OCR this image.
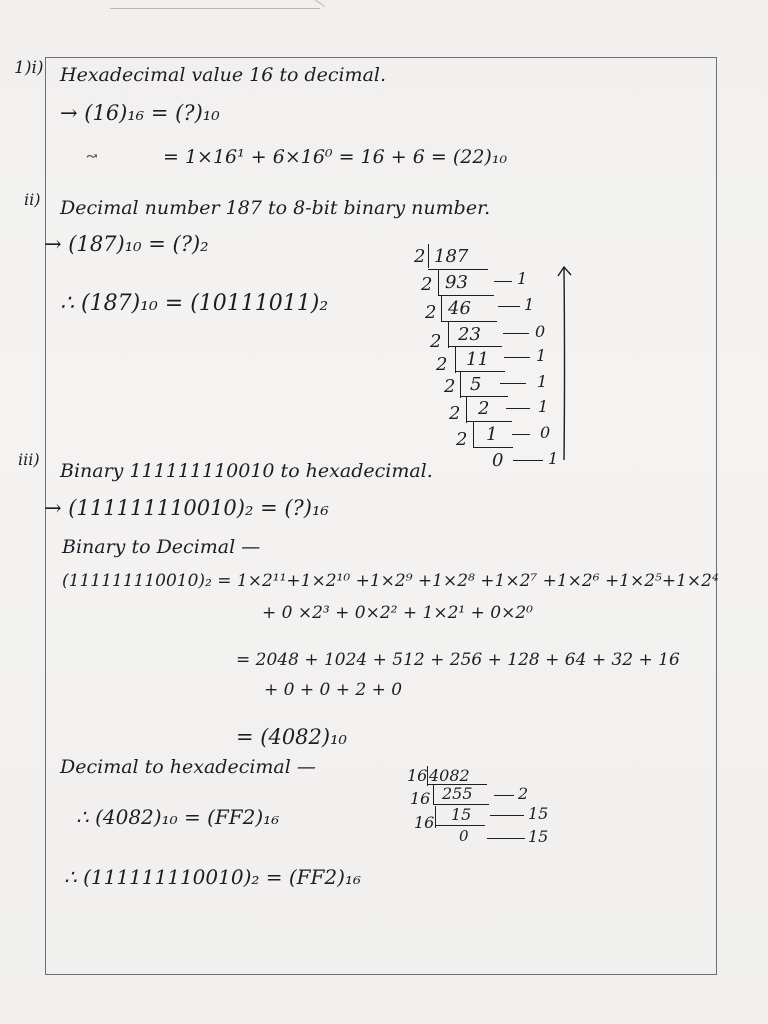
1)i) Hexadecimal value 16 to decimal.
→ (16)₁₆ = (?)₁₀
↝	= 1×16¹ + 6×16⁰ = 16 + 6 = (22)₁₀
ii) Decimal number 187 to 8-bit binary number.
→ (187)₁₀ = (?)₂
∴ (187)₁₀ = (10111011)₂
2
2
2
2
2
2
2
2
187
93
46
23
11
5
2
1
0
1
1
0
1
1
1
0
1
iii)
Binary 111111110010 to hexadecimal.
→ (111111110010)₂ = (?)₁₆
Binary to Decimal —
(111111110010)₂ = 1×2¹¹+1×2¹⁰ +1×2⁹ +1×2⁸ +1×2⁷ +1×2⁶ +1×2⁵+1×2⁴
+ 0 ×2³ + 0×2² + 1×2¹ + 0×2⁰
= 2048 + 1024 + 512 + 256 + 128 + 64 + 32 + 16
+ 0 + 0 + 2 + 0
= (4082)₁₀
Decimal to hexadecimal —
∴ (4082)₁₀ = (FF2)₁₆
∴ (111111110010)₂ = (FF2)₁₆
16
16
16
4082
255
15
0
2
15
15
